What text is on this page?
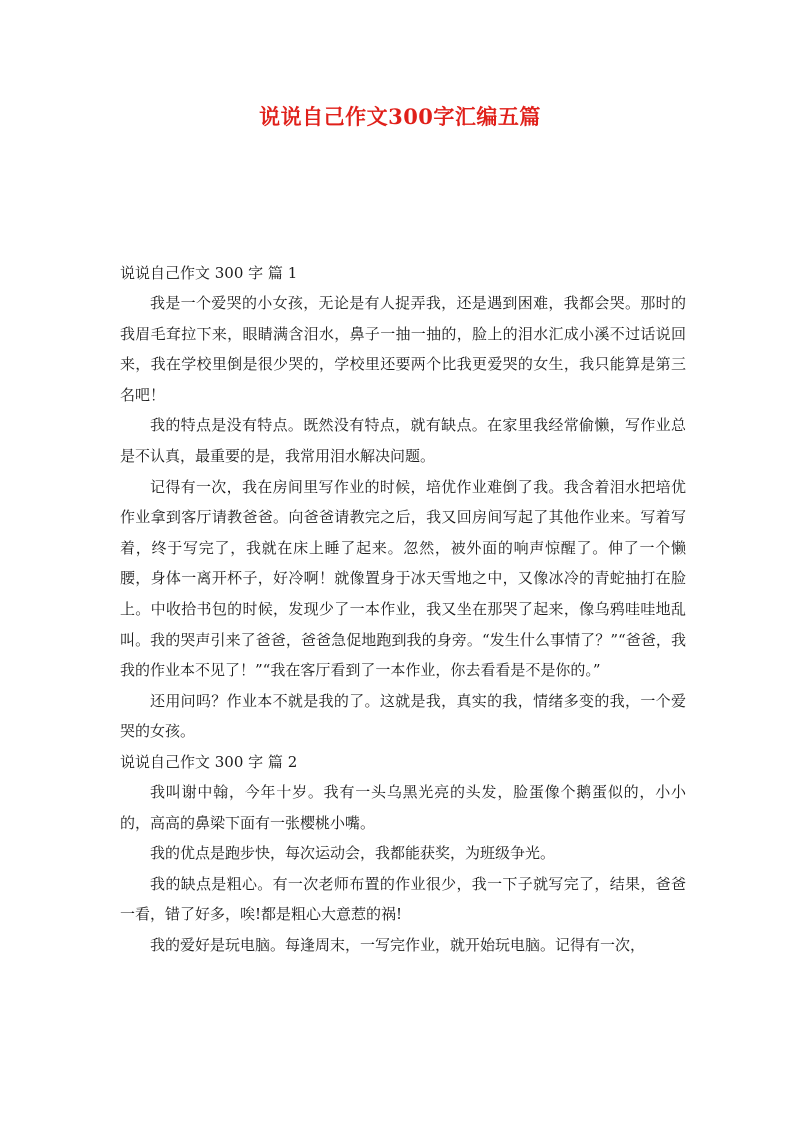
说说自己作文300字汇编五篇
说说自己作文 300 字 篇 1

我是一个爱哭的小女孩，无论是有人捉弄我，还是遇到困难，我都会哭。那时的我眉毛耷拉下来，眼睛满含泪水，鼻子一抽一抽的，脸上的泪水汇成小溪不过话说回来，我在学校里倒是很少哭的，学校里还要两个比我更爱哭的女生，我只能算是第三名吧！

我的特点是没有特点。既然没有特点，就有缺点。在家里我经常偷懒，写作业总是不认真，最重要的是，我常用泪水解决问题。

记得有一次，我在房间里写作业的时候，培优作业难倒了我。我含着泪水把培优作业拿到客厅请教爸爸。向爸爸请教完之后，我又回房间写起了其他作业来。写着写着，终于写完了，我就在床上睡了起来。忽然，被外面的响声惊醒了。伸了一个懒腰，身体一离开杯子，好冷啊！就像置身于冰天雪地之中，又像冰冷的青蛇抽打在脸上。中收拾书包的时候，发现少了一本作业，我又坐在那哭了起来，像乌鸦哇哇地乱叫。我的哭声引来了爸爸，爸爸急促地跑到我的身旁。“发生什么事情了？”“爸爸，我我的作业本不见了！”“我在客厅看到了一本作业，你去看看是不是你的。”

还用问吗？作业本不就是我的了。这就是我，真实的我，情绪多变的我，一个爱哭的女孩。

说说自己作文 300 字 篇 2

我叫谢中翰，今年十岁。我有一头乌黑光亮的头发，脸蛋像个鹅蛋似的，小小的，高高的鼻梁下面有一张樱桃小嘴。

我的优点是跑步快，每次运动会，我都能获奖，为班级争光。

我的缺点是粗心。有一次老师布置的作业很少，我一下子就写完了，结果，爸爸一看，错了好多，唉!都是粗心大意惹的祸!

我的爱好是玩电脑。每逢周末，一写完作业，就开始玩电脑。记得有一次，
